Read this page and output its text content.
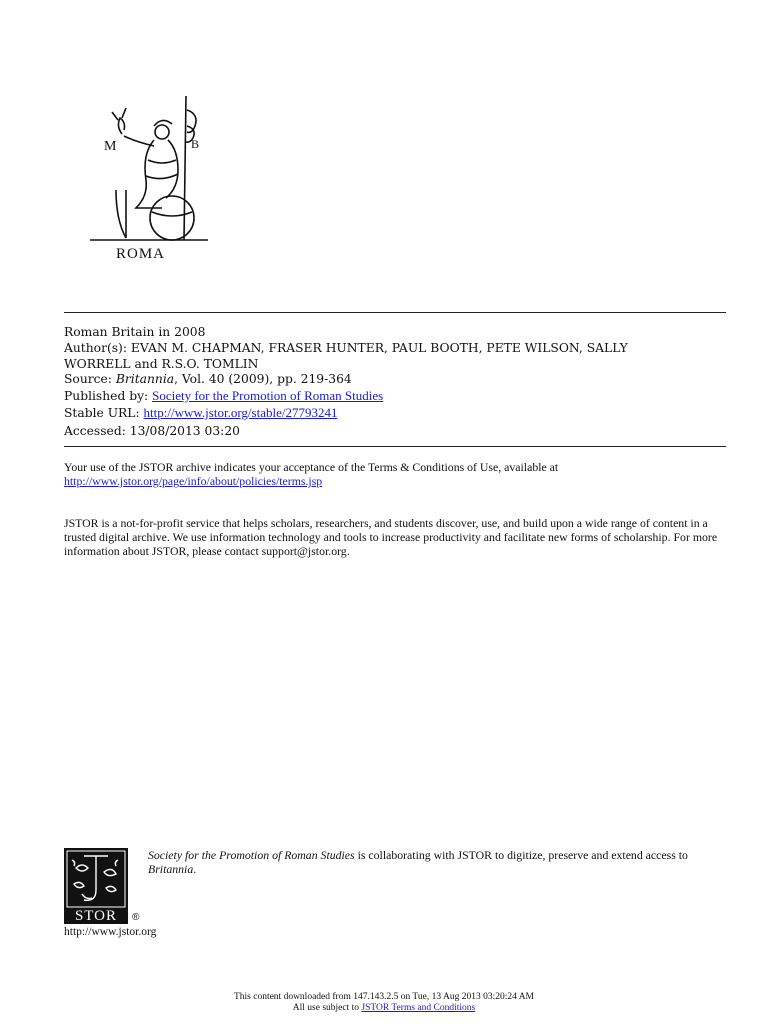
M	B
ROMA
Roman Britain in 2008
Author(s): EVAN M. CHAPMAN, FRASER HUNTER, PAUL BOOTH, PETE WILSON, SALLY
WORRELL and R.S.O. TOMLIN
Source: Britannia, Vol. 40 (2009), pp. 219-364
Published by: Society for the Promotion of Roman Studies
Stable URL: http://www.jstor.org/stable/27793241
Accessed: 13/08/2013 03:20
Your use of the JSTOR archive indicates your acceptance of the Terms & Conditions of Use, available at
http://www.jstor.org/page/info/about/policies/terms.jsp
JSTOR is a not-for-profit service that helps scholars, researchers, and students discover, use, and build upon a wide range of content in a trusted digital archive. We use information technology and tools to increase productivity and facilitate new forms of scholarship. For more information about JSTOR, please contact support@jstor.org.
STOR ®
http://www.jstor.org
Society for the Promotion of Roman Studies is collaborating with JSTOR to digitize, preserve and extend access to Britannia.
This content downloaded from 147.143.2.5 on Tue, 13 Aug 2013 03:20:24 AM
All use subject to JSTOR Terms and Conditions
